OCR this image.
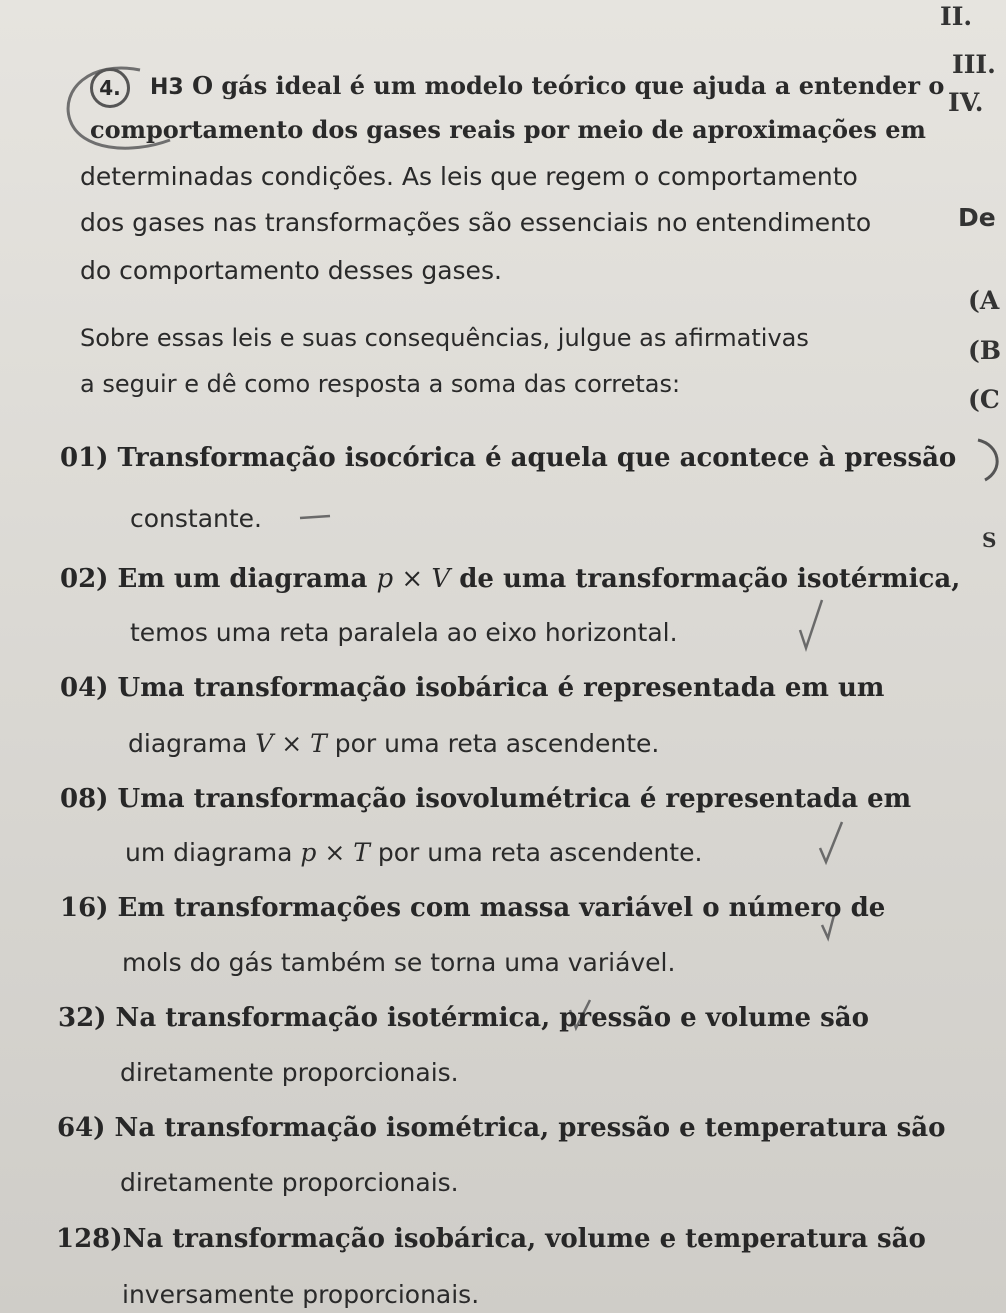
II.
III.
IV.
De
(A
(B
(C
S
4.	H3 O gás ideal é um modelo teórico que ajuda a entender o
comportamento dos gases reais por meio de aproximações em
determinadas condições. As leis que regem o comportamento
dos gases nas transformações são essenciais no entendimento
do comportamento desses gases.
Sobre essas leis e suas consequências, julgue as afirmativas
a seguir e dê como resposta a soma das corretas:
01) Transformação isocórica é aquela que acontece à pressão
constante.
02) Em um diagrama p × V de uma transformação isotérmica,
temos uma reta paralela ao eixo horizontal.
04) Uma transformação isobárica é representada em um
diagrama V × T por uma reta ascendente.
08) Uma transformação isovolumétrica é representada em
um diagrama p × T por uma reta ascendente.
16) Em transformações com massa variável o número de
mols do gás também se torna uma variável.
32) Na transformação isotérmica, pressão e volume são
diretamente proporcionais.
64) Na transformação isométrica, pressão e temperatura são
diretamente proporcionais.
128)Na transformação isobárica, volume e temperatura são
inversamente proporcionais.
